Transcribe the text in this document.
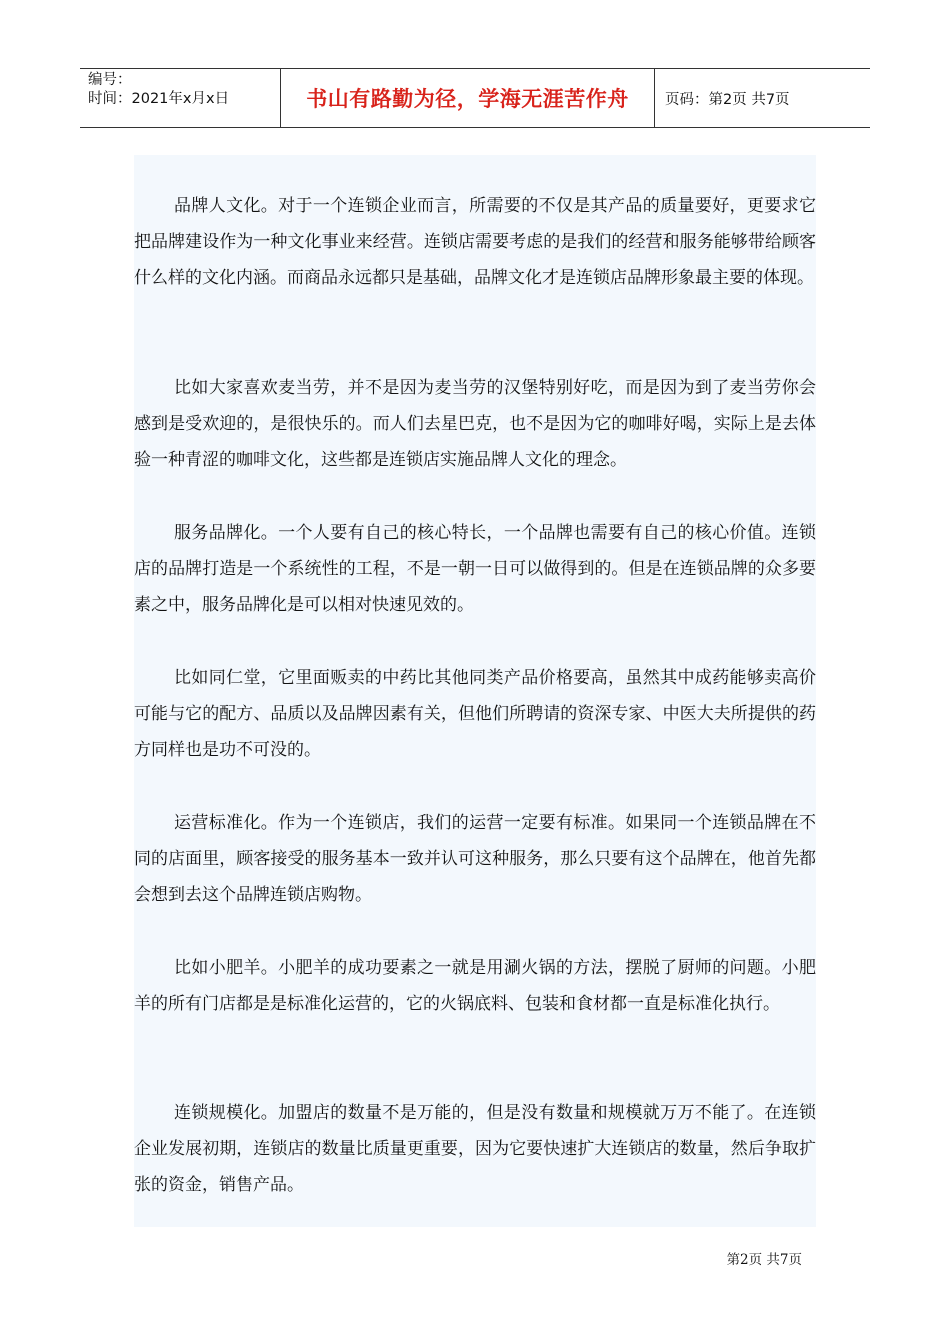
编号：
时间：2021年x月x日	书山有路勤为径，学海无涯苦作舟	页码：第2页 共7页

品牌人文化。对于一个连锁企业而言，所需要的不仅是其产品的质量要好，更要求它把品牌建设作为一种文化事业来经营。连锁店需要考虑的是我们的经营和服务能够带给顾客什么样的文化内涵。而商品永远都只是基础，品牌文化才是连锁店品牌形象最主要的体现。

比如大家喜欢麦当劳，并不是因为麦当劳的汉堡特别好吃，而是因为到了麦当劳你会感到是受欢迎的，是很快乐的。而人们去星巴克，也不是因为它的咖啡好喝，实际上是去体验一种青涩的咖啡文化，这些都是连锁店实施品牌人文化的理念。

服务品牌化。一个人要有自己的核心特长，一个品牌也需要有自己的核心价值。连锁店的品牌打造是一个系统性的工程，不是一朝一日可以做得到的。但是在连锁品牌的众多要素之中，服务品牌化是可以相对快速见效的。

比如同仁堂，它里面贩卖的中药比其他同类产品价格要高，虽然其中成药能够卖高价可能与它的配方、品质以及品牌因素有关，但他们所聘请的资深专家、中医大夫所提供的药方同样也是功不可没的。

运营标准化。作为一个连锁店，我们的运营一定要有标准。如果同一个连锁品牌在不同的店面里，顾客接受的服务基本一致并认可这种服务，那么只要有这个品牌在，他首先都会想到去这个品牌连锁店购物。

比如小肥羊。小肥羊的成功要素之一就是用涮火锅的方法，摆脱了厨师的问题。小肥羊的所有门店都是是标准化运营的，它的火锅底料、包装和食材都一直是标准化执行。

连锁规模化。加盟店的数量不是万能的，但是没有数量和规模就万万不能了。在连锁企业发展初期，连锁店的数量比质量更重要，因为它要快速扩大连锁店的数量，然后争取扩张的资金，销售产品。

第2页 共7页
